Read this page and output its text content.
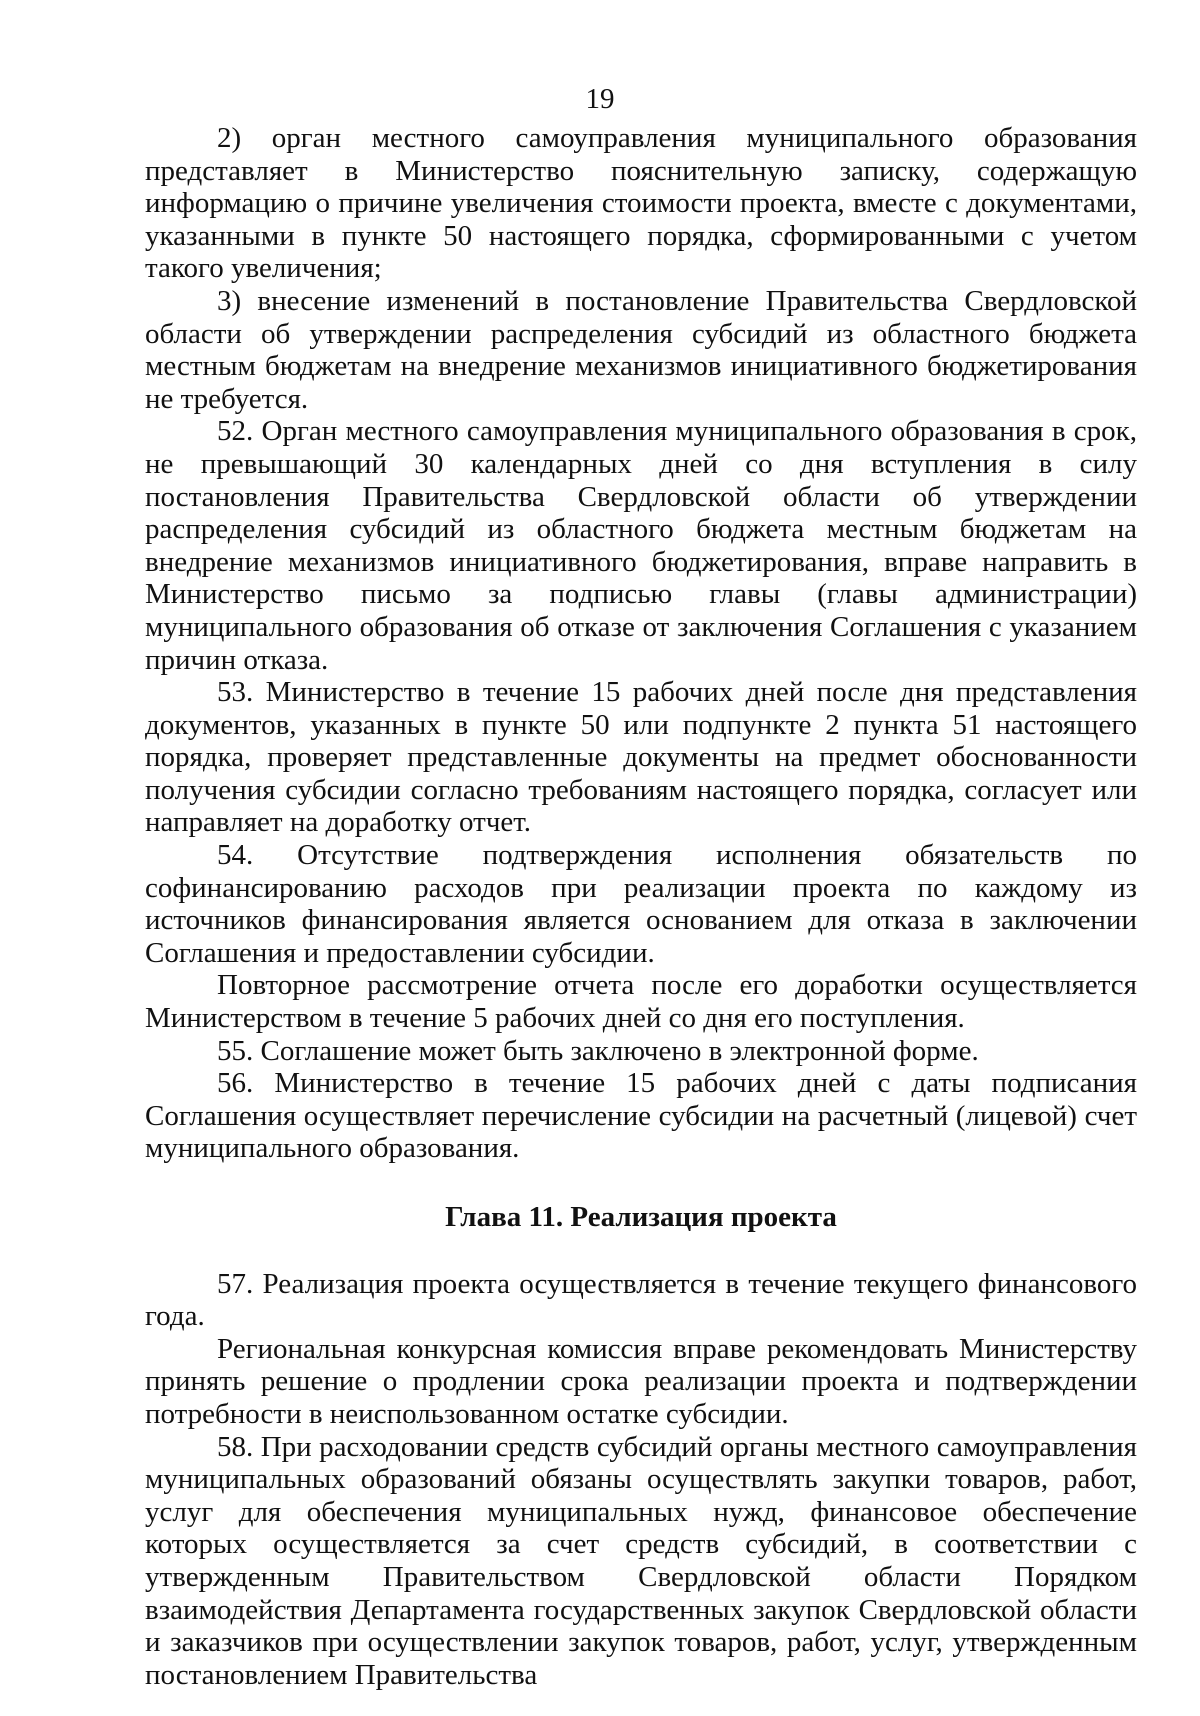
19

2) орган местного самоуправления муниципального образования представляет в Министерство пояснительную записку, содержащую информацию о причине увеличения стоимости проекта, вместе с документами, указанными в пункте 50 настоящего порядка, сформированными с учетом такого увеличения;

3) внесение изменений в постановление Правительства Свердловской области об утверждении распределения субсидий из областного бюджета местным бюджетам на внедрение механизмов инициативного бюджетирования не требуется.

52. Орган местного самоуправления муниципального образования в срок, не превышающий 30 календарных дней со дня вступления в силу постановления Правительства Свердловской области об утверждении распределения субсидий из областного бюджета местным бюджетам на внедрение механизмов инициативного бюджетирования, вправе направить в Министерство письмо за подписью главы (главы администрации) муниципального образования об отказе от заключения Соглашения с указанием причин отказа.

53. Министерство в течение 15 рабочих дней после дня представления документов, указанных в пункте 50 или подпункте 2 пункта 51 настоящего порядка, проверяет представленные документы на предмет обоснованности получения субсидии согласно требованиям настоящего порядка, согласует или направляет на доработку отчет.

54. Отсутствие подтверждения исполнения обязательств по софинансированию расходов при реализации проекта по каждому из источников финансирования является основанием для отказа в заключении Соглашения и предоставлении субсидии.

Повторное рассмотрение отчета после его доработки осуществляется Министерством в течение 5 рабочих дней со дня его поступления.

55. Соглашение может быть заключено в электронной форме.

56. Министерство в течение 15 рабочих дней с даты подписания Соглашения осуществляет перечисление субсидии на расчетный (лицевой) счет муниципального образования.

Глава 11. Реализация проекта

57. Реализация проекта осуществляется в течение текущего финансового года.

Региональная конкурсная комиссия вправе рекомендовать Министерству принять решение о продлении срока реализации проекта и подтверждении потребности в неиспользованном остатке субсидии.

58. При расходовании средств субсидий органы местного самоуправления муниципальных образований обязаны осуществлять закупки товаров, работ, услуг для обеспечения муниципальных нужд, финансовое обеспечение которых осуществляется за счет средств субсидий, в соответствии с утвержденным Правительством Свердловской области Порядком взаимодействия Департамента государственных закупок Свердловской области и заказчиков при осуществлении закупок товаров, работ, услуг, утвержденным постановлением Правительства
